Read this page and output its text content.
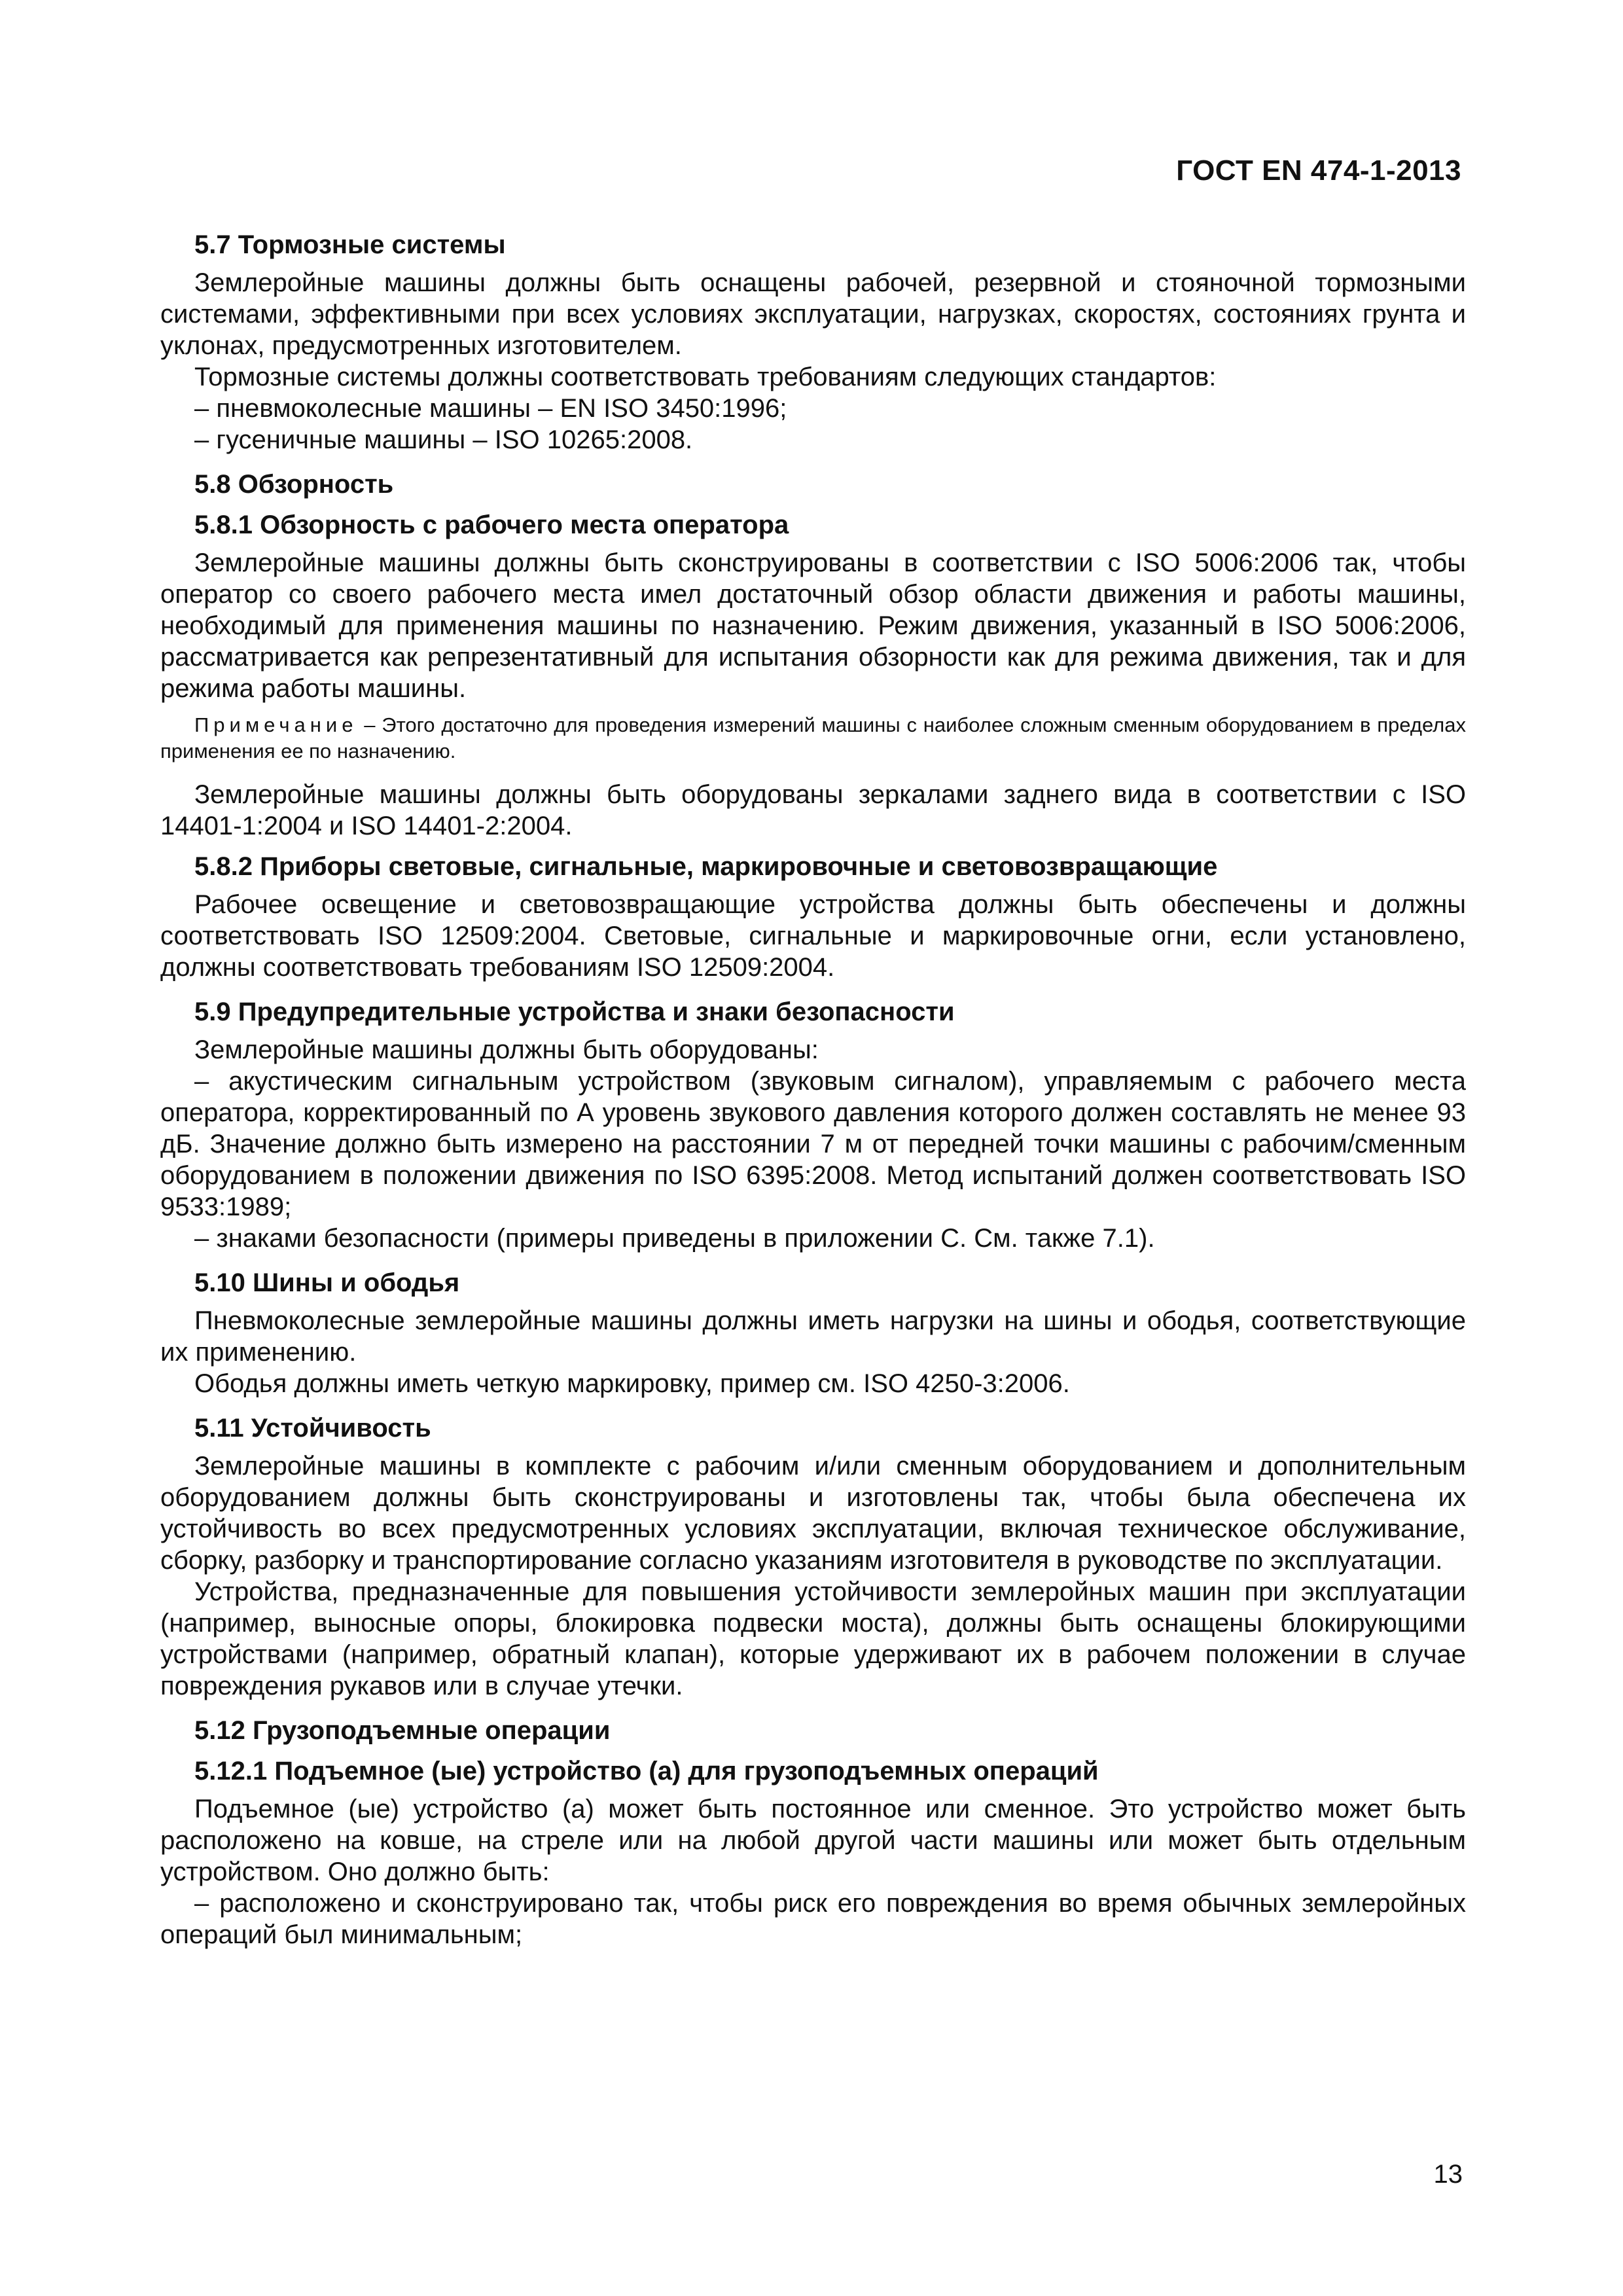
ГОСТ EN 474-1-2013
5.7 Тормозные системы

Землеройные машины должны быть оснащены рабочей, резервной и стояночной тормозными системами, эффективными при всех условиях эксплуатации, нагрузках, скоростях, состояниях грунта и уклонах, предусмотренных изготовителем.

Тормозные системы должны соответствовать требованиям следующих стандартов:

– пневмоколесные машины – EN ISO 3450:1996;

– гусеничные машины – ISO 10265:2008.

5.8 Обзорность
5.8.1 Обзорность с рабочего места оператора

Землеройные машины должны быть сконструированы в соответствии с ISO 5006:2006 так, чтобы оператор со своего рабочего места имел достаточный обзор области движения и работы машины, необходимый для применения машины по назначению. Режим движения, указанный в ISO 5006:2006, рассматривается как репрезентативный для испытания обзорности как для режима движения, так и для режима работы машины.

Примечание – Этого достаточно для проведения измерений машины с наиболее сложным сменным оборудованием в пределах применения ее по назначению.

Землеройные машины должны быть оборудованы зеркалами заднего вида в соответствии с ISO 14401-1:2004 и ISO 14401-2:2004.

5.8.2 Приборы световые, сигнальные, маркировочные и световозвращающие

Рабочее освещение и световозвращающие устройства должны быть обеспечены и должны соответствовать ISO 12509:2004. Световые, сигнальные и маркировочные огни, если установлено, должны соответствовать требованиям ISO 12509:2004.

5.9 Предупредительные устройства и знаки безопасности

Землеройные машины должны быть оборудованы:

– акустическим сигнальным устройством (звуковым сигналом), управляемым с рабочего места оператора, корректированный по А уровень звукового давления которого должен составлять не менее 93 дБ. Значение должно быть измерено на расстоянии 7 м от передней точки машины с рабочим/сменным оборудованием в положении движения по ISO 6395:2008. Метод испытаний должен соответствовать ISO 9533:1989;

– знаками безопасности (примеры приведены в приложении С. См. также 7.1).

5.10 Шины и ободья

Пневмоколесные землеройные машины должны иметь нагрузки на шины и ободья, соответствующие их применению.

Ободья должны иметь четкую маркировку, пример см. ISO 4250-3:2006.

5.11 Устойчивость

Землеройные машины в комплекте с рабочим и/или сменным оборудованием и дополнительным оборудованием должны быть сконструированы и изготовлены так, чтобы была обеспечена их устойчивость во всех предусмотренных условиях эксплуатации, включая техническое обслуживание, сборку, разборку и транспортирование согласно указаниям изготовителя в руководстве по эксплуатации.

Устройства, предназначенные для повышения устойчивости землеройных машин при эксплуатации (например, выносные опоры, блокировка подвески моста), должны быть оснащены блокирующими устройствами (например, обратный клапан), которые удерживают их в рабочем положении в случае повреждения рукавов или в случае утечки.

5.12 Грузоподъемные операции
5.12.1 Подъемное (ые) устройство (а) для грузоподъемных операций

Подъемное (ые) устройство (а) может быть постоянное или сменное. Это устройство может быть расположено на ковше, на стреле или на любой другой части машины или может быть отдельным устройством. Оно должно быть:

– расположено и сконструировано так, чтобы риск его повреждения во время обычных землеройных операций был минимальным;

13
